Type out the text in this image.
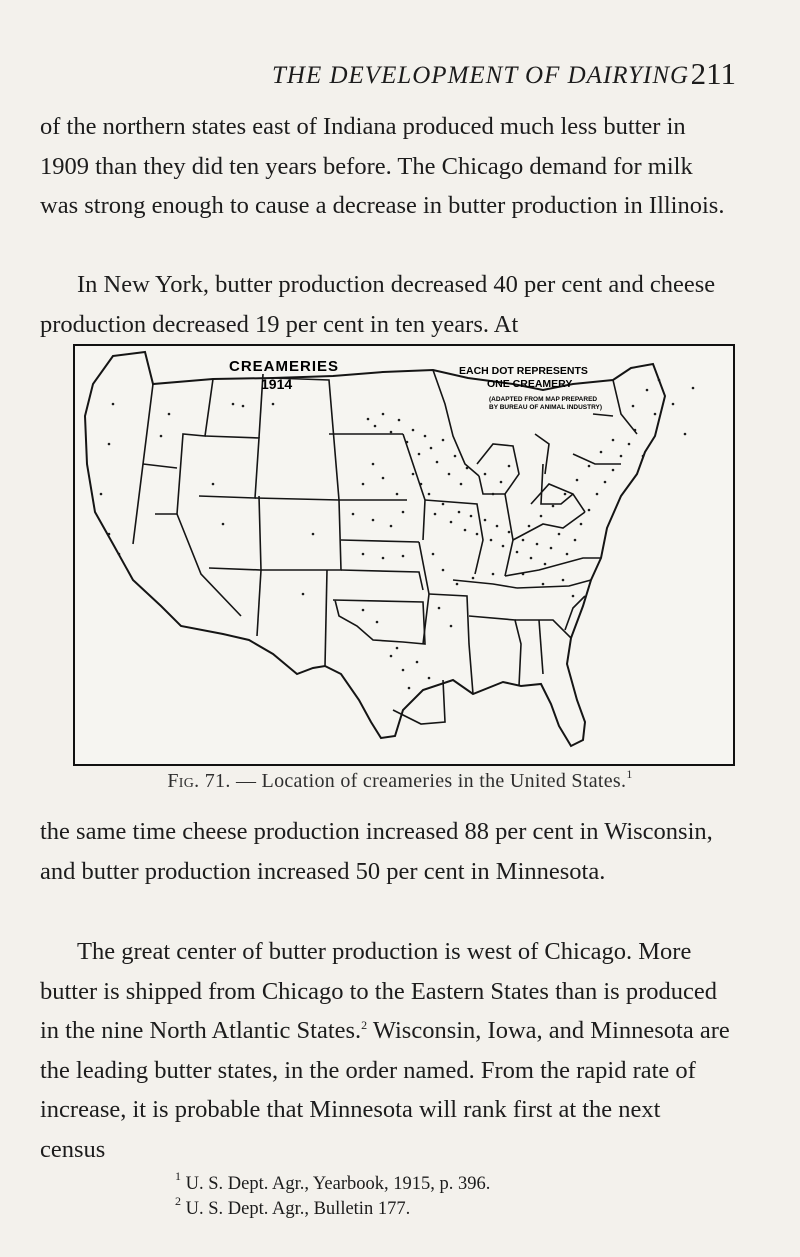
THE DEVELOPMENT OF DAIRYING 211

of the northern states east of Indiana produced much less butter in 1909 than they did ten years before. The Chicago demand for milk was strong enough to cause a decrease in butter production in Illinois.

In New York, butter production decreased 40 per cent and cheese production decreased 19 per cent in ten years. At

CREAMERIES
1914
EACH DOT REPRESENTS
ONE CREAMERY
(ADAPTED FROM MAP PREPARED
BY BUREAU OF ANIMAL INDUSTRY)
Fig. 71. — Location of creameries in the United States.$^1$

the same time cheese production increased 88 per cent in Wisconsin, and butter production increased 50 per cent in Minnesota.

The great center of butter production is west of Chicago. More butter is shipped from Chicago to the Eastern States than is produced in the nine North Atlantic States.$^2$ Wisconsin, Iowa, and Minnesota are the leading butter states, in the order named. From the rapid rate of increase, it is probable that Minnesota will rank first at the next census

$^1$ U. S. Dept. Agr., Yearbook, 1915, p. 396.
$^2$ U. S. Dept. Agr., Bulletin 177.
